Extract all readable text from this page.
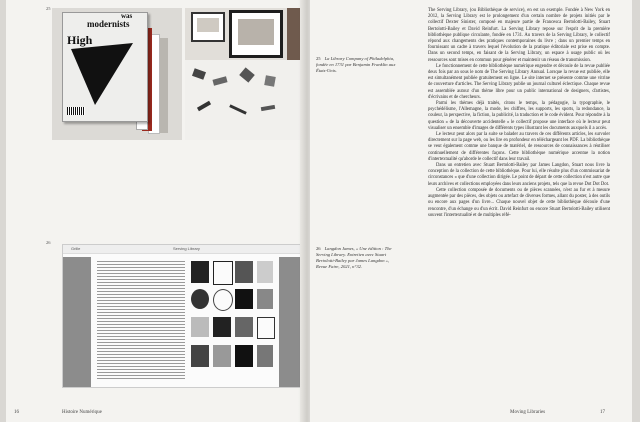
25
High
modernists
was
26
Grille	Serving Library
16	Histoire Numérique
25 La Library Company of Philadelphia, fondée en 1731 par Benjamin Franklin aux États-Unis.
26 Langdon James, « Une édition : The Serving Library. Entretien avec Stuart Bertolotti-Bailey par James Langdon », Revue Faire, 2021, n°32.

The Serving Library, (ou Bibliothèque de service), en est un exemple. Fondée à New York en 2012, la Serving Library est le prolongement d'un certain nombre de projets initiés par le collectif Dexter Sinister, composé en majeure partie de Francesca Bertolotti-Bailey, Stuart Bertolotti-Bailey et David Reinfurt. La Serving Library repose sur l'esprit de la première bibliothèque publique circulante, fondée en 1731. Au travers de la Serving Library, le collectif répond aux changements des pratiques contemporaines du livre ; dans un premier temps en fournissant un cadre à travers lequel l'évolution de la pratique éditoriale est prise en compte. Dans un second temps, en faisant de la Serving Library, un espace à usage public où les ressources sont mises en commun pour générer et maintenir un réseau de transmission.

Le fonctionnement de cette bibliothèque numérique engendre et découle de la revue publiée deux fois par an sous le nom de The Serving Library Annual. Lorsque la revue est publiée, elle est simultanément publiée gratuitement en ligne. Le site internet se présente comme une vitrine de couverture d'articles. The Serving Library publie un journal culturel éclectique. Chaque revue est assemblée autour d'un thème libre pour un public international de designers, d'artistes, d'écrivains et de chercheurs.

Parmi les thèmes déjà traités, citons le temps, la pédagogie, la typographie, le psychédélisme, l'Allemagne, la mode, les chiffres, les supports, les sports, la redondance, la couleur, la perspective, la fiction, la publicité, la traduction et le code évident. Pour répondre à la question « de la découverte accidentelle » le collectif propose une interface où le lecteur peut visualiser un ensemble d'images de différents types illustrant les documents auxquels il a accès.

Le lecteur peut alors par la suite se balader au travers de ces différents articles, les survoler directement sur la page web, ou les lire en profondeur en téléchargeant les PDF. La bibliothèque se veut également comme une banque de matériel, de ressources de connaissances à réutiliser continuellement de différentes façons. Cette bibliothèque numérique accentue la notion d'intertextualité qu'aborde le collectif dans leur travail.

Dans un entretien avec Stuart Bertolotti-Bailey par James Langdon, Stuart nous livre la conception de la collection de cette bibliothèque. Pour lui, elle résulte plus d'un commissariat de circonstances « que d'une collection dirigée. Le point de départ de cette collection n'est autre que leurs archives et collections employées dans leurs anciens projets, tels que la revue Dot Dot Dot.

Cette collection composée de documents ou de pièces scannées, n'est au fur et à mesure augmentée par des pièces, des objets ou artefact de diverses formes, allant du poster, à des outils ou encore aux pages d'un livre... Chaque nouvel objet de cette bibliothèque découle d'une rencontre, d'un échange ou d'un écrit. David Reinfurt ou encore Stuart Bertolotti-Bailey utilisent souvent l'intertextualité et de multiples réfé-

Moving Libraries	17
